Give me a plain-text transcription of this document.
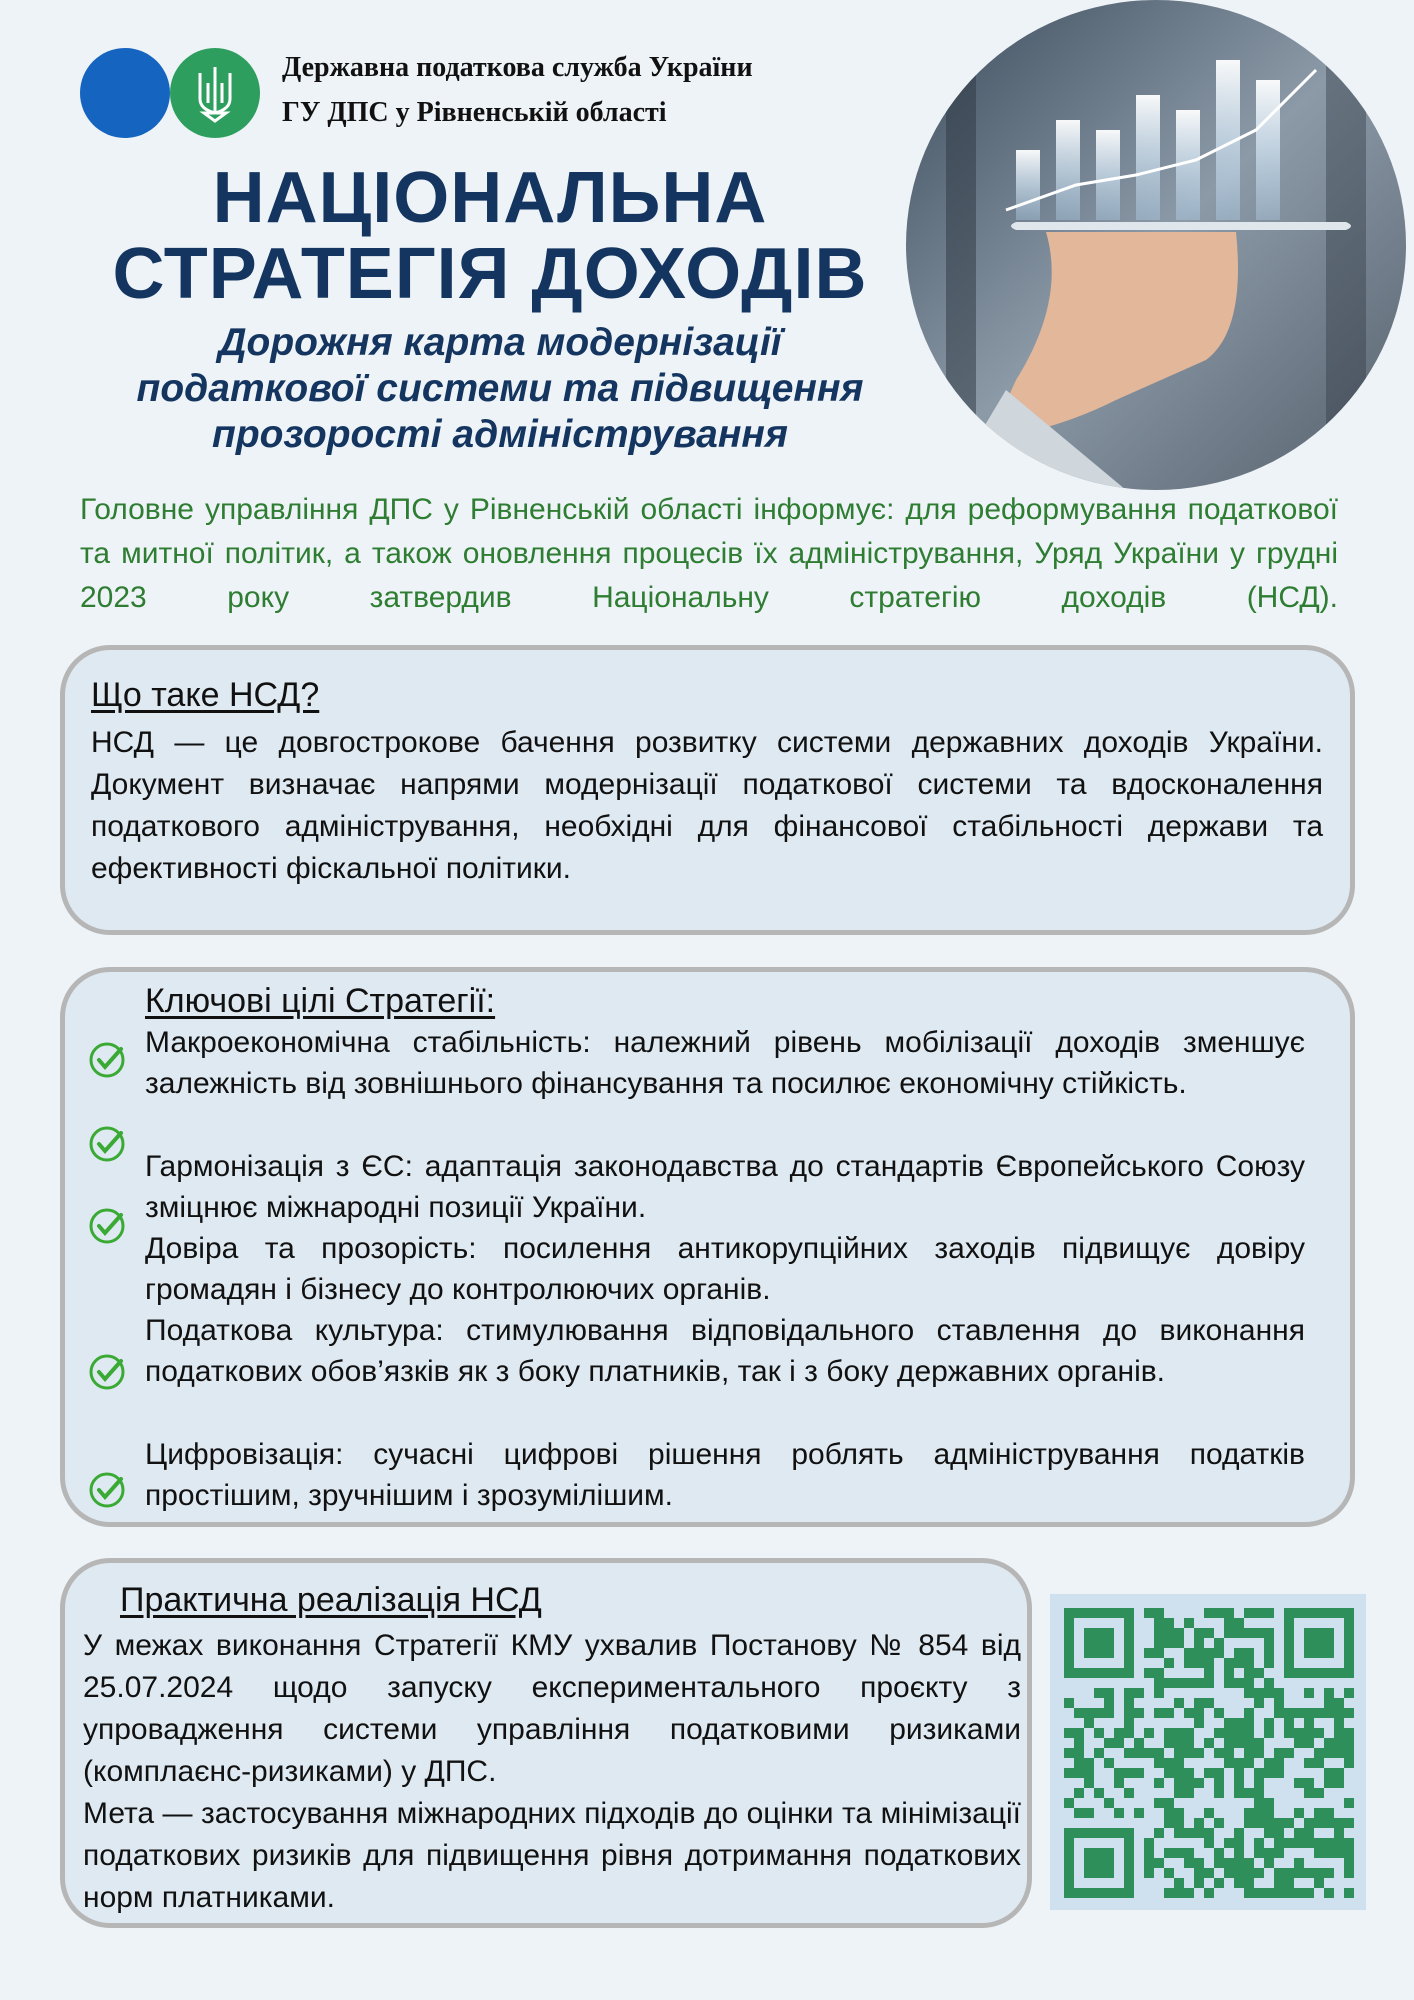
Державна податкова служба України
ГУ ДПС у Рівненській області
НАЦІОНАЛЬНА
СТРАТЕГІЯ ДОХОДІВ
Дорожня карта модернізації
податкової системи та підвищення
прозорості адміністрування
Головне управління ДПС у Рівненській області інформує: для реформування податкової та митної політик, а також оновлення процесів їх адміністрування, Уряд України у грудні 2023 року затвердив Національну стратегію доходів (НСД).
Що таке НСД?
НСД — це довгострокове бачення розвитку системи державних доходів України. Документ визначає напрями модернізації податкової системи та вдосконалення податкового адміністрування, необхідні для фінансової стабільності держави та ефективності фіскальної політики.
Ключові цілі Стратегії:
Макроекономічна стабільність: належний рівень мобілізації доходів зменшує залежність від зовнішнього фінансування та посилює економічну стійкість.
Гармонізація з ЄС: адаптація законодавства до стандартів Європейського Союзу зміцнює міжнародні позиції України.
Довіра та прозорість: посилення антикорупційних заходів підвищує довіру громадян і бізнесу до контролюючих органів.
Податкова культура: стимулювання відповідального ставлення до виконання податкових обов’язків як з боку платників, так і з боку державних органів.
Цифровізація: сучасні цифрові рішення роблять адміністрування податків простішим, зручнішим і зрозумілішим.
Практична реалізація НСД
У межах виконання Стратегії КМУ ухвалив Постанову № 854 від 25.07.2024 щодо запуску експериментального проєкту з упровадження системи управління податковими ризиками (комплаєнс-ризиками) у ДПС.
Мета — застосування міжнародних підходів до оцінки та мінімізації податкових ризиків для підвищення рівня дотримання податкових норм платниками.
